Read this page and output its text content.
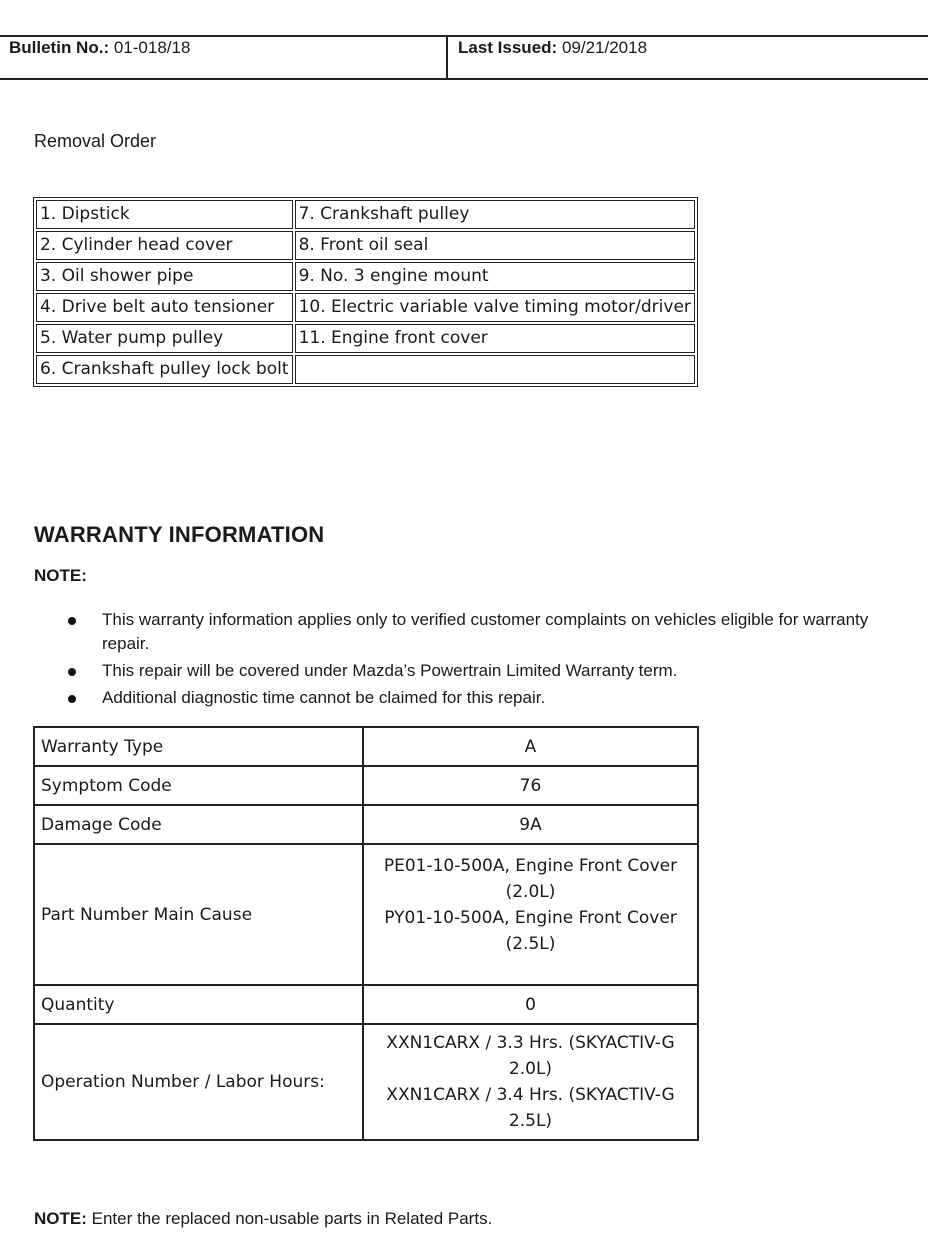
Bulletin No.: 01-018/18	Last Issued: 09/21/2018
Removal Order
1. Dipstick	7. Crankshaft pulley
2. Cylinder head cover	8. Front oil seal
3. Oil shower pipe	9. No. 3 engine mount
4. Drive belt auto tensioner	10. Electric variable valve timing motor/driver
5. Water pump pulley	11. Engine front cover
6. Crankshaft pulley lock bolt	
WARRANTY INFORMATION
NOTE:
This warranty information applies only to verified customer complaints on vehicles eligible for warranty repair.
This repair will be covered under Mazda’s Powertrain Limited Warranty term.
Additional diagnostic time cannot be claimed for this repair.
Warranty Type	A

Symptom Code	76

Damage Code	9A

Part Number Main Cause	PE01-10-500A, Engine Front Cover
(2.0L)
PY01-10-500A, Engine Front Cover
(2.5L)

Quantity	0

Operation Number / Labor Hours:	XXN1CARX / 3.3 Hrs. (SKYACTIV-G
2.0L)
XXN1CARX / 3.4 Hrs. (SKYACTIV-G
2.5L)
NOTE: Enter the replaced non-usable parts in Related Parts.
